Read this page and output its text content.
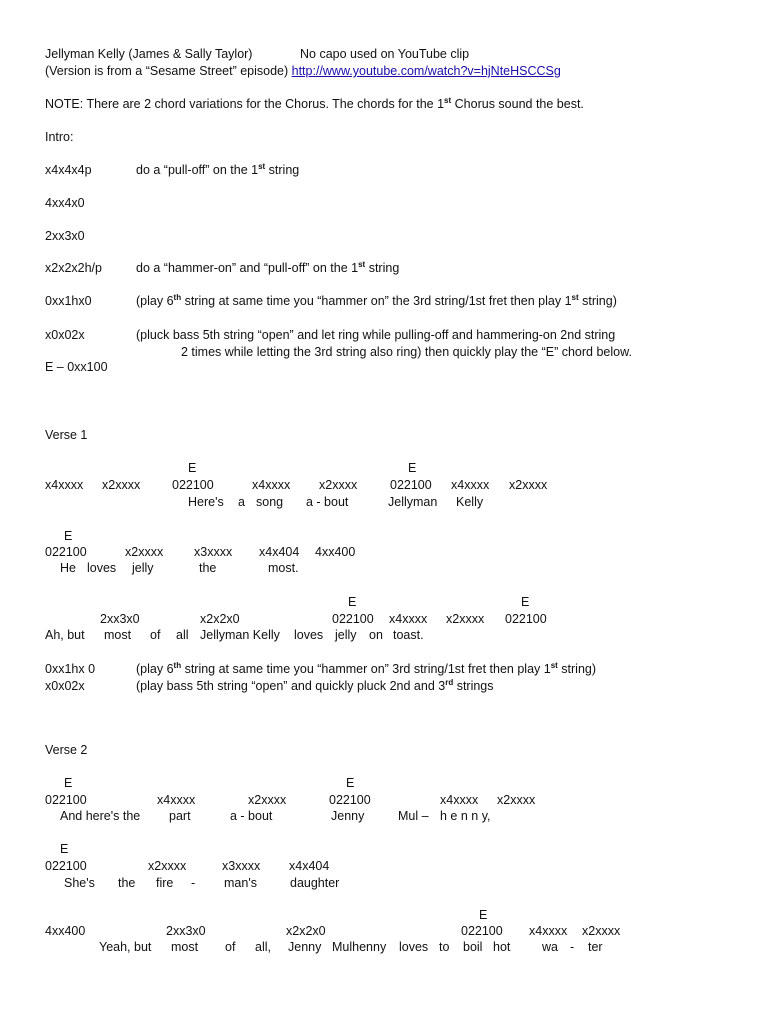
Jellyman Kelly (James & Sally Taylor)	No capo used on YouTube clip
(Version is from a “Sesame Street” episode) http://www.youtube.com/watch?v=hjNteHSCCSg
NOTE: There are 2 chord variations for the Chorus. The chords for the 1st Chorus sound the best.
Intro:
x4x4x4p	do a “pull-off” on the 1st string
4xx4x0
2xx3x0
x2x2x2h/p	do a “hammer-on” and “pull-off” on the 1st string
0xx1hx0	(play 6th string at same time you “hammer on” the 3rd string/1st fret then play 1st string)
x0x02x	(pluck bass 5th string “open” and let ring while pulling-off and hammering-on 2nd string
2 times while letting the 3rd string also ring) then quickly play the “E” chord below.
E – 0xx100
Verse 1
E	E
x4xxxx x2xxxx	022100	x4xxxx x2xxxx	022100 x4xxxx x2xxxx
Here's a song a - bout	Jellyman Kelly
E
022100	x2xxxx x3xxxx x4x404 4xx400
He loves jelly	the	most.
E	E
2xx3x0	x2x2x0	022100 x4xxxx x2xxxx 022100
Ah, but most of all Jellyman Kelly loves jelly on toast.
0xx1hx 0	(play 6th string at same time you “hammer on” 3rd string/1st fret then play 1st string)
x0x02x	(play bass 5th string “open” and quickly pluck 2nd and 3rd strings
Verse 2
E	E
022100	x4xxxx	x2xxxx	022100	x4xxxx x2xxxx
And here's the part	a - bout	Jenny	Mul – h e n n y,
E
022100	x2xxxx	x3xxxx x4x404
She's the fire - man's	daughter
E
4xx400	2xx3x0	x2x2x0	022100 x4xxxx x2xxxx
Yeah, but most of all, Jenny Mulhenny loves to boil hot	wa - ter
